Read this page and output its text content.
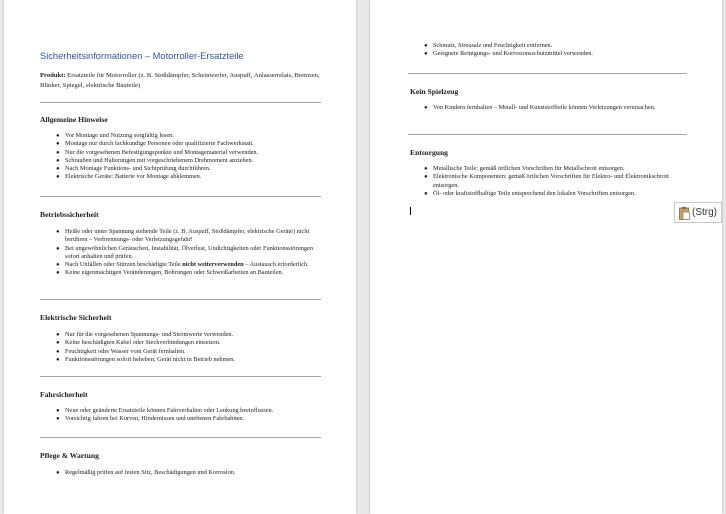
Sicherheitsinformationen – Motorroller-Ersatzteile

Produkt: Ersatzteile für Motorroller (z. B. Stoßdämpfer, Scheinwerfer, Auspuff, Anlasserrelais, Bremsen, Blinker, Spiegel, elektrische Bauteile)

Allgemeine Hinweise
● Vor Montage und Nutzung sorgfältig lesen.
● Montage nur durch fachkundige Personen oder qualifizierte Fachwerkstatt.
● Nur die vorgesehenen Befestigungspunkte und Montagematerial verwenden.
● Schrauben und Halterungen mit vorgeschriebenem Drehmoment anziehen.
● Nach Montage Funktions- und Sichtprüfung durchführen.
● Elektrische Geräte: Batterie vor Montage abklemmen.
Betriebssicherheit
● Heiße oder unter Spannung stehende Teile (z. B. Auspuff, Stoßdämpfer, elektrische Geräte) nicht berühren – Verbrennungs- oder Verletzungsgefahr!
● Bei ungewöhnlichen Geräuschen, Instabilität, Ölverlust, Undichtigkeiten oder Funktionsstörungen sofort anhalten und prüfen.
● Nach Unfällen oder Stürzen beschädigte Teile nicht weiterverwenden – Austausch erforderlich.
● Keine eigenmächtigen Veränderungen, Bohrungen oder Schweißarbeiten an Bauteilen.
Elektrische Sicherheit
● Nur für die vorgesehenen Spannungs- und Stromwerte verwenden.
● Keine beschädigten Kabel oder Steckverbindungen einsetzen.
● Feuchtigkeit oder Wasser vom Gerät fernhalten.
● Funktionsstörungen sofort beheben; Gerät nicht in Betrieb nehmen.
Fahrsicherheit
● Neue oder geänderte Ersatzteile können Fahrverhalten oder Lenkung beeinflussen.
● Vorsichtig fahren bei Kurven, Hindernissen und unebenen Fahrbahnen.
Pflege & Wartung
● Regelmäßig prüfen auf festen Sitz, Beschädigungen und Korrosion.
● Schmutz, Streusalz und Feuchtigkeit entfernen.
● Geeignete Reinigungs- und Korrosionsschutzmittel verwenden.
Kein Spielzeug
● Von Kindern fernhalten – Metall- und Kunststoffteile können Verletzungen verursachen.
Entsorgung
● Metallische Teile: gemäß örtlichen Vorschriften für Metallschrott entsorgen.
● Elektronische Komponenten: gemäß örtlichen Vorschriften für Elektro- und Elektronikschrott entsorgen.
● Öl- oder kraftstoffhaltige Teile entsprechend den lokalen Vorschriften entsorgen.
(Strg)
